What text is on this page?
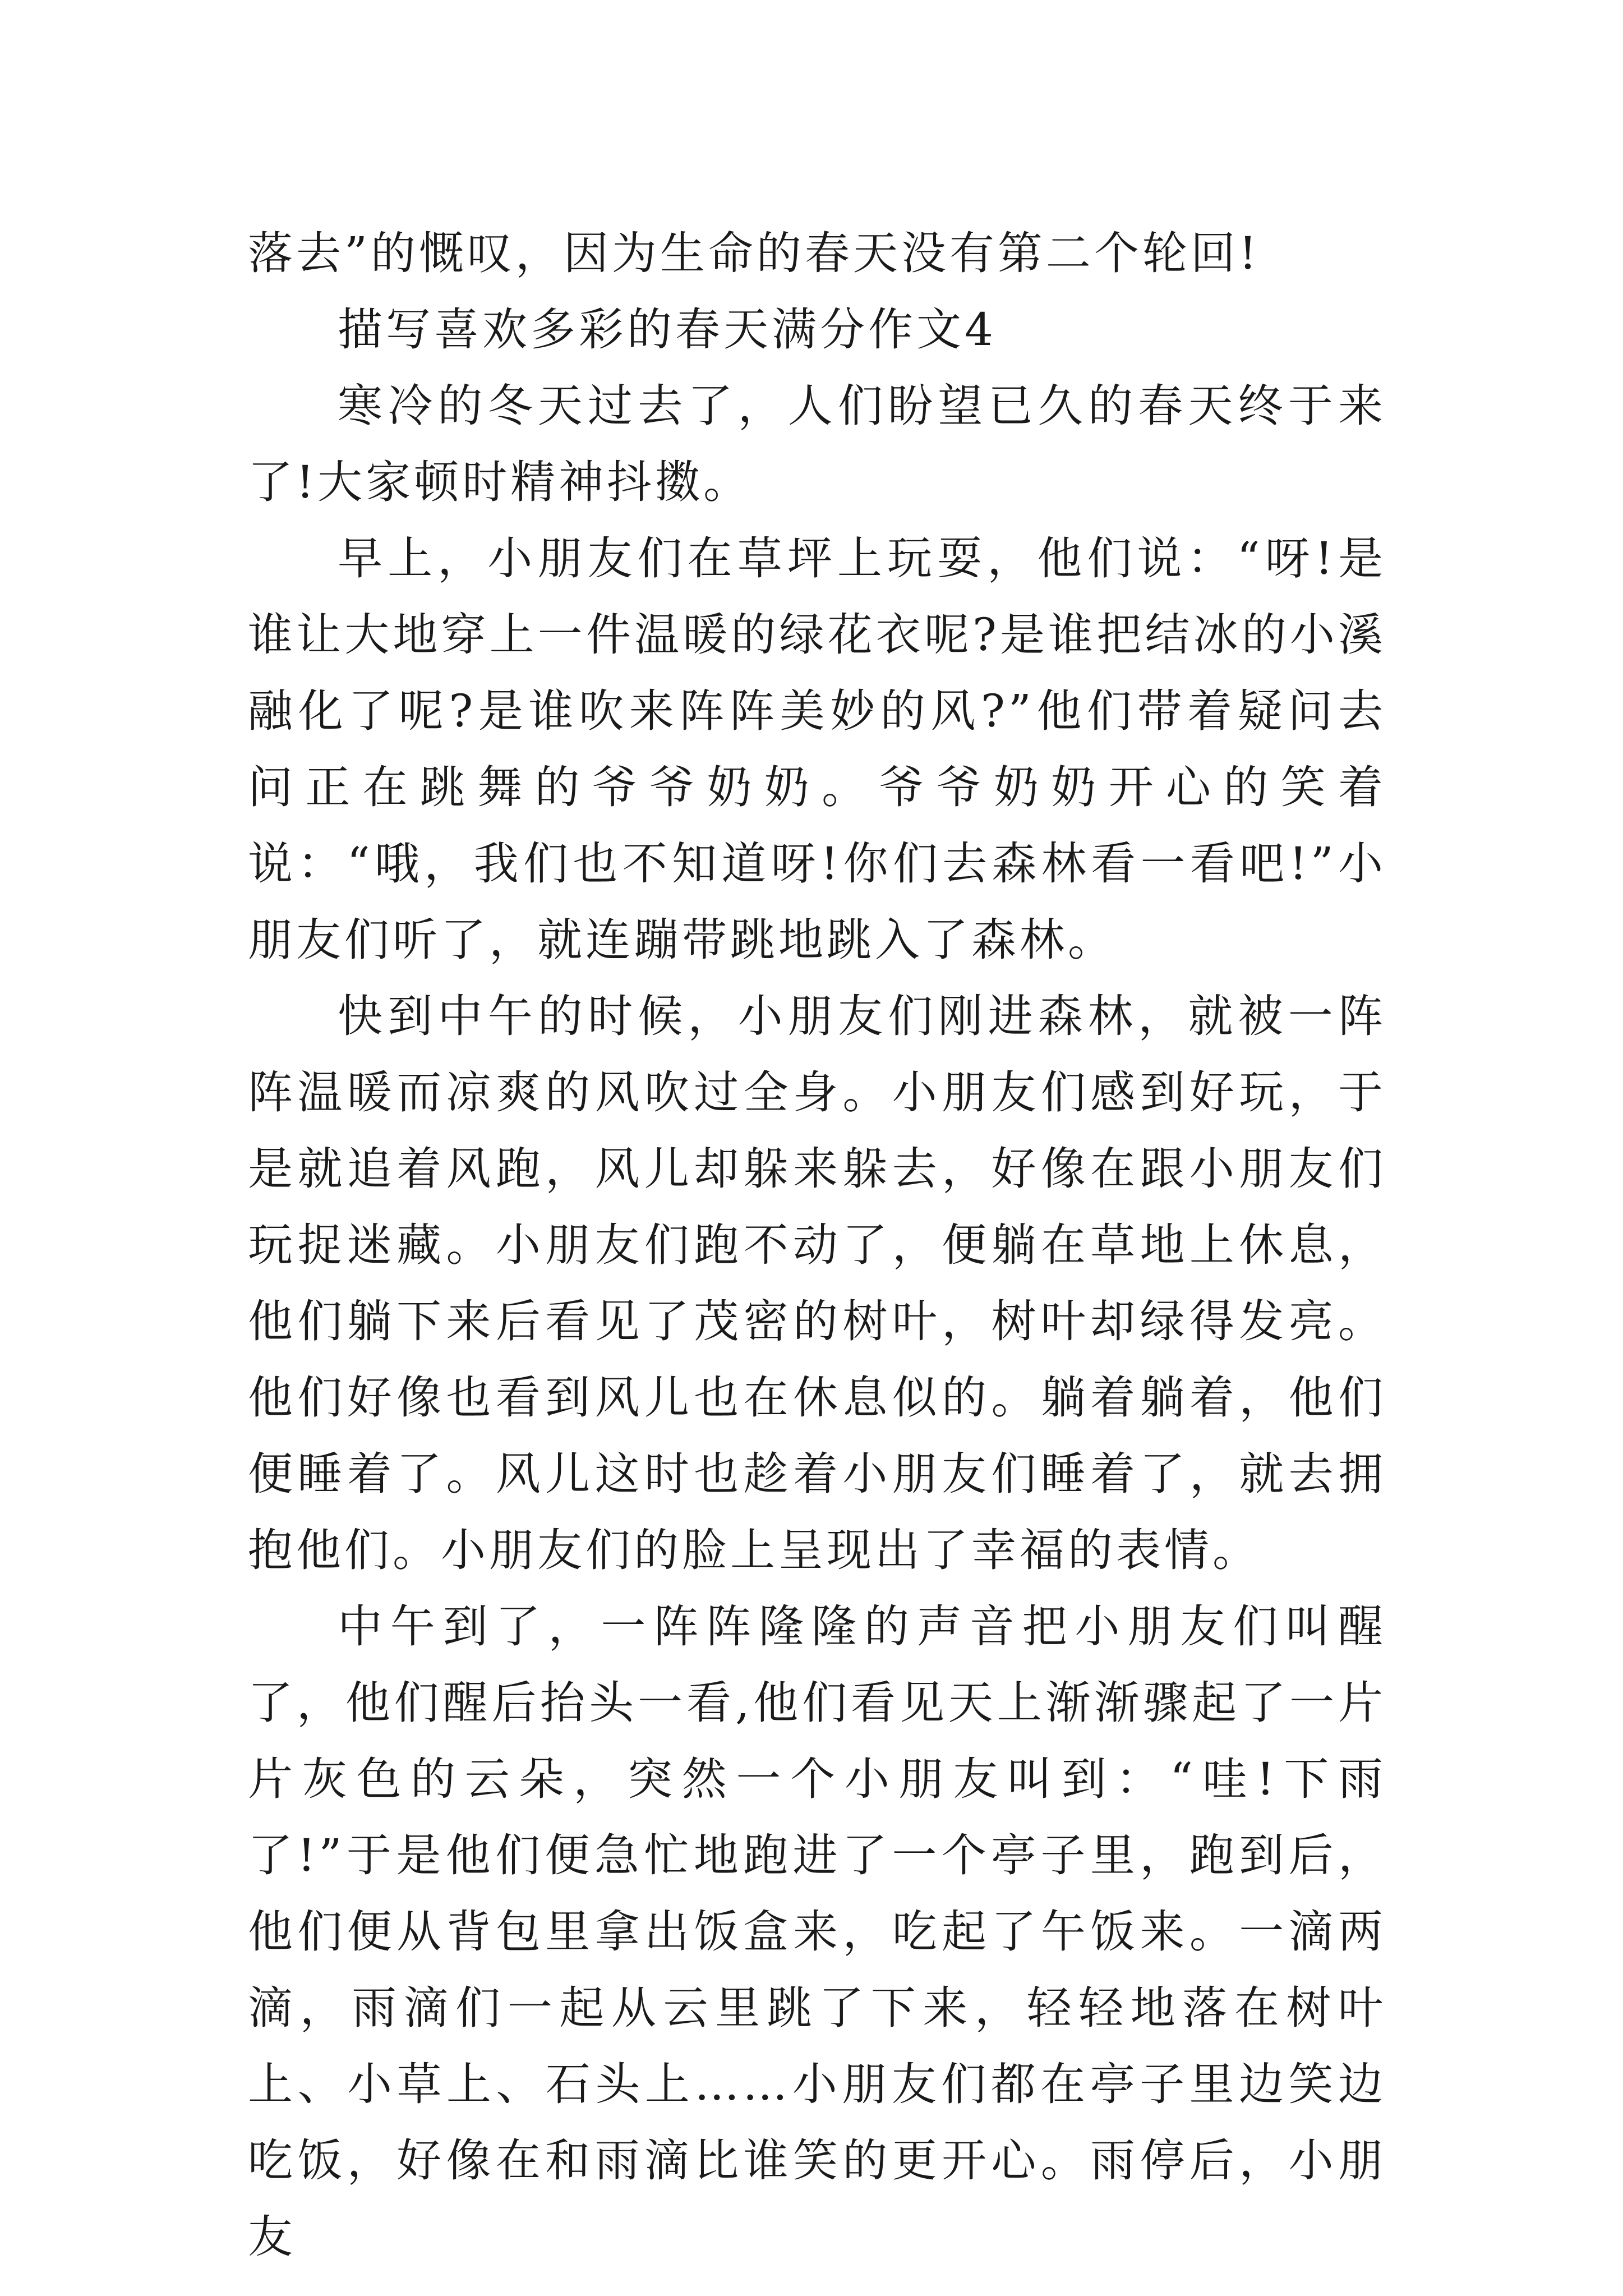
落去”的慨叹，因为生命的春天没有第二个轮回!

描写喜欢多彩的春天满分作文4

寒冷的冬天过去了，人们盼望已久的春天终于来了!大家顿时精神抖擞。

早上，小朋友们在草坪上玩耍，他们说：“呀!是谁让大地穿上一件温暖的绿花衣呢?是谁把结冰的小溪融化了呢?是谁吹来阵阵美妙的风?”他们带着疑问去问正在跳舞的爷爷奶奶。爷爷奶奶开心的笑着说：“哦，我们也不知道呀!你们去森林看一看吧!”小朋友们听了，就连蹦带跳地跳入了森林。

快到中午的时候，小朋友们刚进森林，就被一阵阵温暖而凉爽的风吹过全身。小朋友们感到好玩，于是就追着风跑，风儿却躲来躲去，好像在跟小朋友们玩捉迷藏。小朋友们跑不动了，便躺在草地上休息，他们躺下来后看见了茂密的树叶，树叶却绿得发亮。他们好像也看到风儿也在休息似的。躺着躺着，他们便睡着了。风儿这时也趁着小朋友们睡着了，就去拥抱他们。小朋友们的脸上呈现出了幸福的表情。

中午到了，一阵阵隆隆的声音把小朋友们叫醒了，他们醒后抬头一看,他们看见天上渐渐骤起了一片片灰色的云朵，突然一个小朋友叫到：“哇!下雨了!”于是他们便急忙地跑进了一个亭子里，跑到后，他们便从背包里拿出饭盒来，吃起了午饭来。一滴两滴，雨滴们一起从云里跳了下来，轻轻地落在树叶上、小草上、石头上……小朋友们都在亭子里边笑边吃饭，好像在和雨滴比谁笑的更开心。雨停后，小朋友
